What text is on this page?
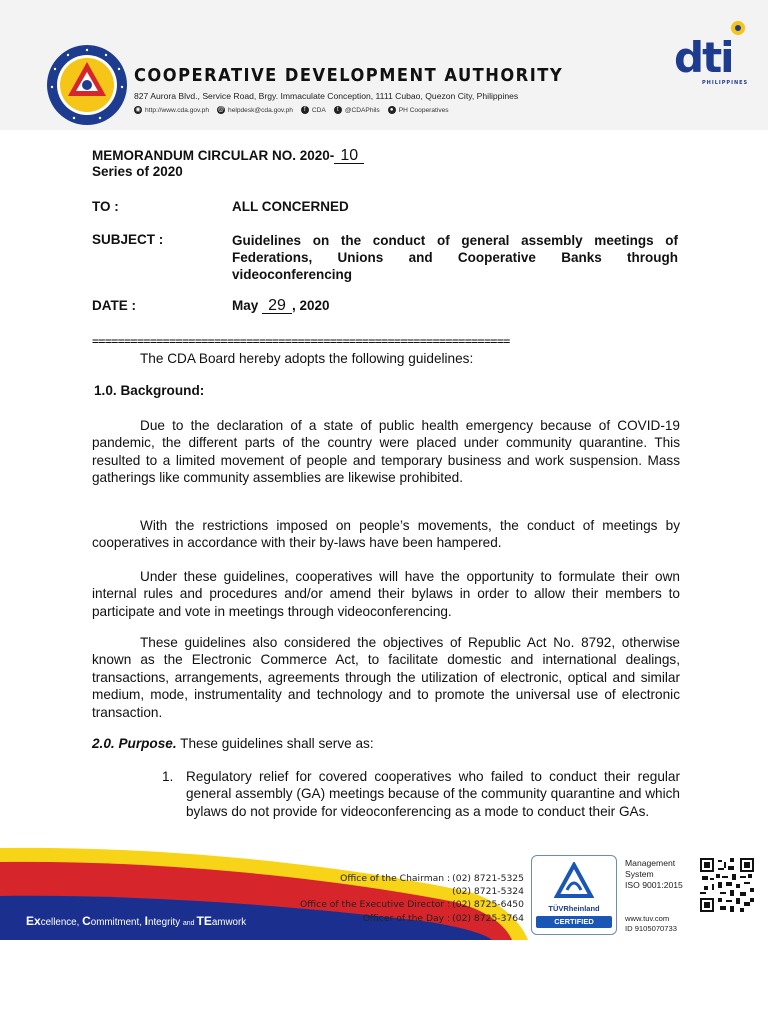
COOPERATIVE DEVELOPMENT AUTHORITY
827 Aurora Blvd., Service Road, Brgy. Immaculate Conception, 1111 Cubao, Quezon City, Philippines
◉ http://www.cda.gov.ph @ helpdesk@cda.gov.ph	f CDA	t @CDAPhils	● PH Cooperatives
dti
PHILIPPINES
MEMORANDUM CIRCULAR NO. 2020- 10
Series of 2020
TO :	ALL CONCERNED
SUBJECT :	Guidelines on the conduct of general assembly meetings of Federations, Unions and Cooperative Banks through videoconferencing
DATE :	May 29 , 2020
=================================================================
The CDA Board hereby adopts the following guidelines:
1.0. Background:
Due to the declaration of a state of public health emergency because of COVID-19 pandemic, the different parts of the country were placed under community quarantine. This resulted to a limited movement of people and temporary business and work suspension. Mass gatherings like community assemblies are likewise prohibited.
With the restrictions imposed on people’s movements, the conduct of meetings by cooperatives in accordance with their by-laws have been hampered.
Under these guidelines, cooperatives will have the opportunity to formulate their own internal rules and procedures and/or amend their bylaws in order to allow their members to participate and vote in meetings through videoconferencing.
These guidelines also considered the objectives of Republic Act No. 8792, otherwise known as the Electronic Commerce Act, to facilitate domestic and international dealings, transactions, arrangements, agreements through the utilization of electronic, optical and similar medium, mode, instrumentality and technology and to promote the universal use of electronic transaction.
2.0. Purpose. These guidelines shall serve as:
1. Regulatory relief for covered cooperatives who failed to conduct their regular general assembly (GA) meetings because of the community quarantine and which bylaws do not provide for videoconferencing as a mode to conduct their GAs.
Excellence, Commitment, Integrity and TEamwork
Office of the Chairman : (02) 8721-5325
(02) 8721-5324
Office of the Executive Director : (02) 8725-6450
Officer of the Day : (02) 8725-3764
TÜVRheinland
CERTIFIED
Management
System
ISO 9001:2015
www.tuv.com
ID 9105070733
